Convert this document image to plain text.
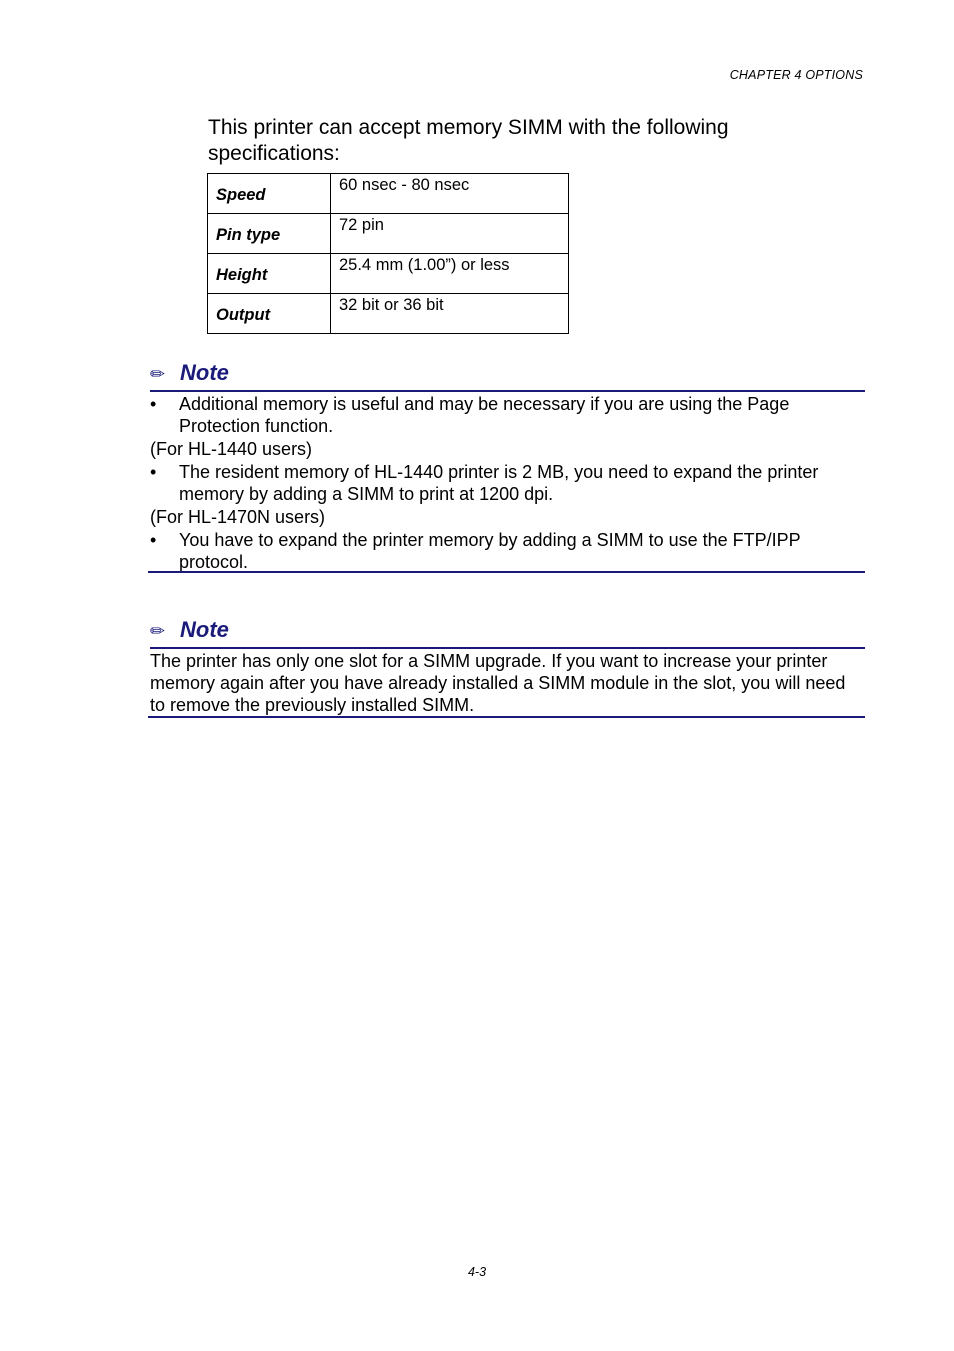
CHAPTER 4 OPTIONS
This printer can accept memory SIMM with the following specifications:
Speed	60 nsec - 80 nsec
Pin type	72 pin
Height	25.4 mm (1.00”) or less
Output	32 bit or 36 bit
✏ Note
• Additional memory is useful and may be necessary if you are using the Page Protection function.
(For HL-1440 users)
• The resident memory of HL-1440 printer is 2 MB, you need to expand the printer memory by adding a SIMM to print at 1200 dpi.
(For HL-1470N users)
• You have to expand the printer memory by adding a SIMM to use the FTP/IPP protocol.
✏ Note
The printer has only one slot for a SIMM upgrade. If you want to increase your printer memory again after you have already installed a SIMM module in the slot, you will need to remove the previously installed SIMM.
4-3
